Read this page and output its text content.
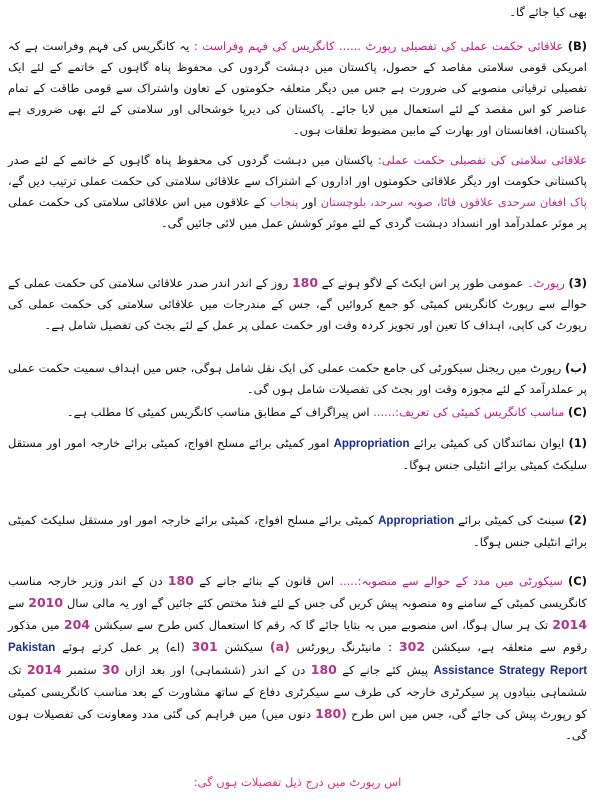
بھی کیا جائے گا۔

(B) علاقائی حکمت عملی کی تفصیلی رپورٹ ...... کانگریس کی فہم وفراست : یہ کانگریس کی فہم وفراست ہے کہ امریکی قومی سلامتی مقاصد کے حصول، پاکستان میں دہشت گردوں کی محفوظ پناہ گاہوں کے خاتمے کے لئے ایک تفصیلی ترقیاتی منصوبے کی ضرورت ہے جس میں دیگر متعلقہ حکومتوں کے تعاون واشتراک سے قومی طاقت کے تمام عناصر کو اس مقصد کے لئے استعمال میں لایا جائے۔ پاکستان کی دیرپا خوشحالی اور سلامتی کے لئے بھی ضروری ہے پاکستان، افغانستان اور بھارت کے مابین مضبوط تعلقات ہوں۔

علاقائی سلامتی کی تفصیلی حکمت عملی: پاکستان میں دہشت گردوں کی محفوظ پناہ گاہوں کے خاتمے کے لئے صدر پاکستانی حکومت اور دیگر علاقائی حکومتوں اور اداروں کے اشتراک سے علاقائی سلامتی کی حکمت عملی ترتیب دیں گے، پاک افغان سرحدی علاقوں فاٹا، صوبہ سرحد، بلوچستان اور پنجاب کے علاقوں میں اس علاقائی سلامتی کی حکمت عملی پر موثر عملدرآمد اور انسداد دہشت گردی کے لئے موثر کوشش عمل میں لائی جائیں گی۔

(3) رپورٹ۔ عمومی طور پر اس ایکٹ کے لاگو ہونے کے 180 روز کے اندر اندر صدر علاقائی سلامتی کی حکمت عملی کے حوالے سے رپورٹ کانگریس کمیٹی کو جمع کروائیں گے، جس کے مندرجات میں علاقائی سلامتی کی حکمت عملی کی رپورٹ کی کاپی، اہداف کا تعین اور تجویز کردہ وقت اور حکمت عملی پر عمل کے لئے بجٹ کی تفصیل شامل ہے۔

(ب) رپورٹ میں ریجنل سیکورٹی کی جامع حکمت عملی کی ایک نقل شامل ہوگی، جس میں اہداف سمیت حکمت عملی پر عملدرآمد کے لئے مجوزہ وقت اور بجٹ کی تفصیلات شامل ہوں گی۔

(C) مناسب کانگریس کمیٹی کی تعریف:...... اس پیراگراف کے مطابق مناسب کانگریس کمیٹی کا مطلب ہے۔

(1) ایوان نمائندگان کی کمیٹی برائے Appropriation امور کمیٹی برائے مسلح افواج، کمیٹی برائے خارجہ امور اور مستقل سلیکٹ کمیٹی برائے انٹیلی جنس ہوگا۔

(2) سینٹ کی کمیٹی برائے Appropriation کمیٹی برائے مسلح افواج، کمیٹی برائے خارجہ امور اور مستقل سلیکٹ کمیٹی برائے انٹیلی جنس ہوگا۔

(C) سیکورٹی میں مدد کے حوالے سے منصوبہ:..... اس قانون کے بنائے جانے کے 180 دن کے اندر وزیر خارجہ مناسب کانگریسی کمیٹی کے سامنے وہ منصوبہ پیش کریں گی جس کے لئے فنڈ مختص کئے جائیں گے اور یہ مالی سال 2010 سے 2014 تک ہر سال ہوگا، اس منصوبے میں یہ بتایا جائے گا کہ رقم کا استعمال کس طرح سے سیکشن 204 میں مذکور رقوم سے متعلقہ ہے، سیکشن 302 : مانیٹرنگ رپورٹس (a) سیکشن 301 (اے) پر عمل کرتے ہوئے Pakistan Assistance Strategy Report پیش کئے جانے کے 180 دن کے اندر (ششماہی) اور بعد ازاں 30 ستمبر 2014 تک ششماہی بنیادوں پر سیکرٹری خارجہ کی طرف سے سیکرٹری دفاع کے ساتھ مشاورت کے بعد مناسب کانگریسی کمیٹی کو رپورٹ پیش کی جائے گی، جس میں اس طرح (180 دنوں میں) میں فراہم کی گئی مدد ومعاونت کی تفصیلات ہوں گی۔

اس رپورٹ میں درج ذیل تفصیلات ہوں گی:
